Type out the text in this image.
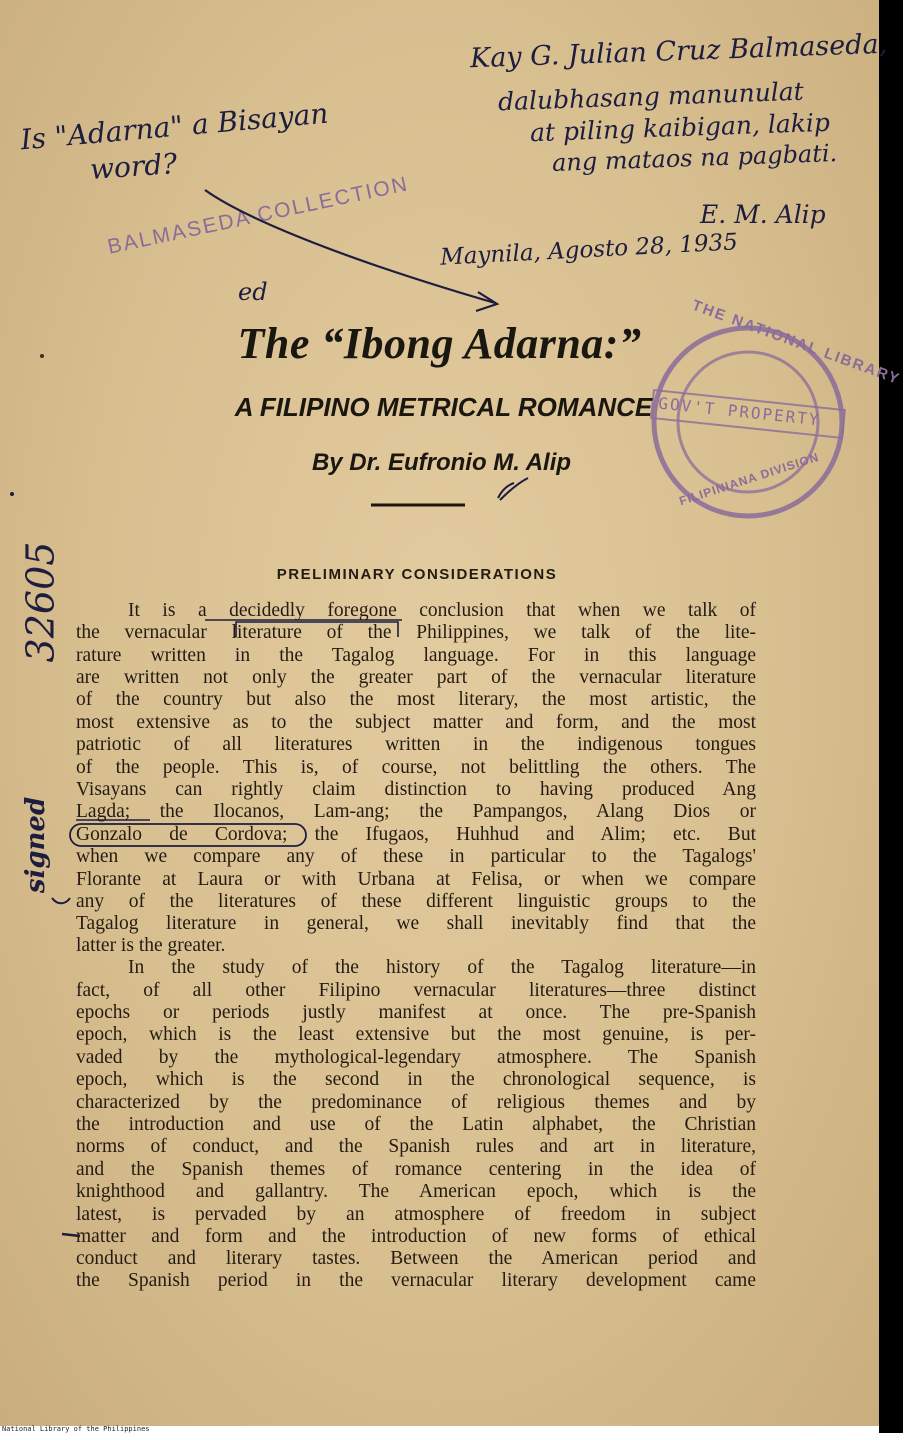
Kay G. Julian Cruz Balmaseda,
dalubhasang manunulat
at piling kaibigan, lakip
ang mataos na pagbati.
E. M. Alip
Maynila, Agosto 28, 1935
Is "Adarna" a Bisayan
word?
BALMASEDA COLLECTION
ed
32605
signed
THE NATIONAL LIBRARY
GOV'T PROPERTY
FILIPINIANA DIVISION
The “Ibong Adarna:”
A FILIPINO METRICAL ROMANCE
By Dr. Eufronio M. Alip
PRELIMINARY CONSIDERATIONS
It is a decidedly foregone conclusion that when we talk of
the vernacular literature of the Philippines, we talk of the lite-
rature written in the Tagalog language. For in this language
are written not only the greater part of the vernacular literature
of the country but also the most literary, the most artistic, the
most extensive as to the subject matter and form, and the most
patriotic of all literatures written in the indigenous tongues
of the people. This is, of course, not belittling the others. The
Visayans can rightly claim distinction to having produced Ang
Lagda; the Ilocanos, Lam-ang; the Pampangos, Alang Dios or
Gonzalo de Cordova; the Ifugaos, Huhhud and Alim; etc. But
when we compare any of these in particular to the Tagalogs'
Florante at Laura or with Urbana at Felisa, or when we compare
any of the literatures of these different linguistic groups to the
Tagalog literature in general, we shall inevitably find that the
latter is the greater.
In the study of the history of the Tagalog literature—in
fact, of all other Filipino vernacular literatures—three distinct
epochs or periods justly manifest at once. The pre-Spanish
epoch, which is the least extensive but the most genuine, is per-
vaded by the mythological-legendary atmosphere. The Spanish
epoch, which is the second in the chronological sequence, is
characterized by the predominance of religious themes and by
the introduction and use of the Latin alphabet, the Christian
norms of conduct, and the Spanish rules and art in literature,
and the Spanish themes of romance centering in the idea of
knighthood and gallantry. The American epoch, which is the
latest, is pervaded by an atmosphere of freedom in subject
matter and form and the introduction of new forms of ethical
conduct and literary tastes. Between the American period and
the Spanish period in the vernacular literary development came
National Library of the Philippines
